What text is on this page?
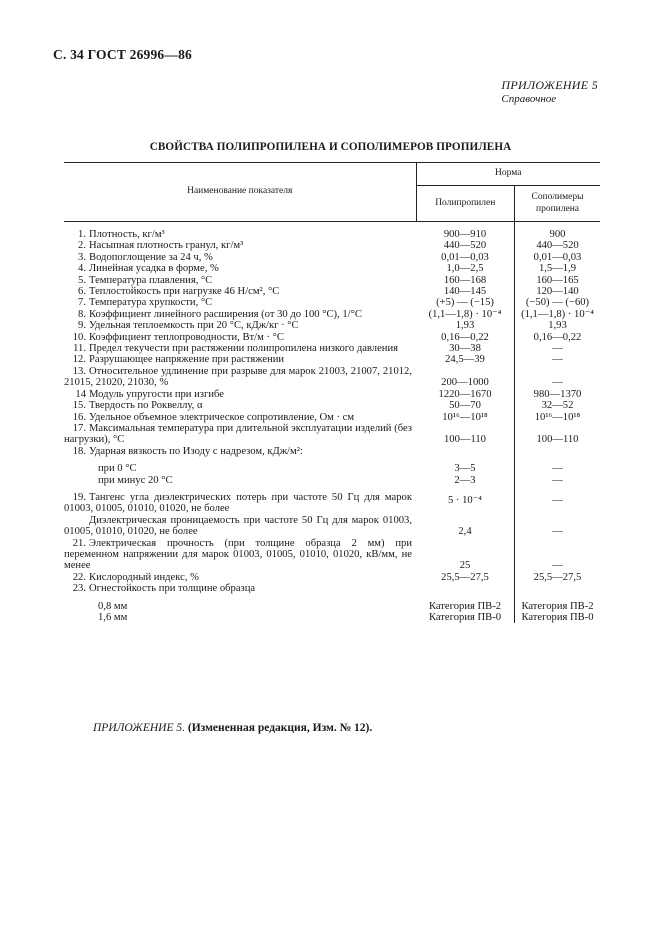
С. 34 ГОСТ 26996—86
ПРИЛОЖЕНИЕ 5
Справочное
СВОЙСТВА ПОЛИПРОПИЛЕНА И СОПОЛИМЕРОВ ПРОПИЛЕНА
Наименование показателя	Норма	
	Полипропилен	Сополимеры пропилена

1. Плотность, кг/м³	900—910	900
2. Насыпная плотность гранул, кг/м³	440—520	440—520
3. Водопоглощение за 24 ч, %	0,01—0,03	0,01—0,03
4. Линейная усадка в форме, %	1,0—2,5	1,5—1,9
5. Температура плавления, °С	160—168	160—165
6. Теплостойкость при нагрузке 46 Н/см², °С	140—145	120—140
7. Температура хрупкости, °С	(+5) — (−15)	(−50) — (−60)
8. Коэффициент линейного расширения (от 30 до 100 °С), 1/°С	(1,1—1,8) · 10⁻⁴	(1,1—1,8) · 10⁻⁴
9. Удельная теплоемкость при 20 °С, кДж/кг · °С	1,93	1,93
10. Коэффициент теплопроводности, Вт/м · °С	0,16—0,22	0,16—0,22
11. Предел текучести при растяжении полипропилена низкого давления	30—38	—
12. Разрушающее напряжение при растяжении	24,5—39	—
13. Относительное удлинение при разрыве для марок 21003, 21007, 21012, 21015, 21020, 21030, %	200—1000	—
14 Модуль упругости при изгибе	1220—1670	980—1370
15. Твердость по Роквеллу, α	50—70	32—52
16. Удельное объемное электрическое сопротивление, Ом · см	10¹⁶—10¹⁸	10¹⁶—10¹⁸
17. Максимальная температура при длительной эксплуатации изделий (без нагрузки), °С	100—110	100—110
18. Ударная вязкость по Изоду с надрезом, кДж/м²:		
при 0 °С	3—5	—
при минус 20 °С	2—3	—
19. Тангенс угла диэлектрических потерь при частоте 50 Гц для марок 01003, 01005, 01010, 01020, не более	5 · 10⁻⁴	—
Диэлектрическая проницаемость при частоте 50 Гц для марок 01003, 01005, 01010, 01020, не более	2,4	—
21. Электрическая прочность (при толщине образца 2 мм) при переменном напряжении для марок 01003, 01005, 01010, 01020, кВ/мм, не менее	25	—
22. Кислородный индекс, %	25,5—27,5	25,5—27,5
23. Огнестойкость при толщине образца		
0,8 мм	Категория ПВ-2	Категория ПВ-2
1,6 мм	Категория ПВ-0	Категория ПВ-0
ПРИЛОЖЕНИЕ 5. (Измененная редакция, Изм. № 12).
